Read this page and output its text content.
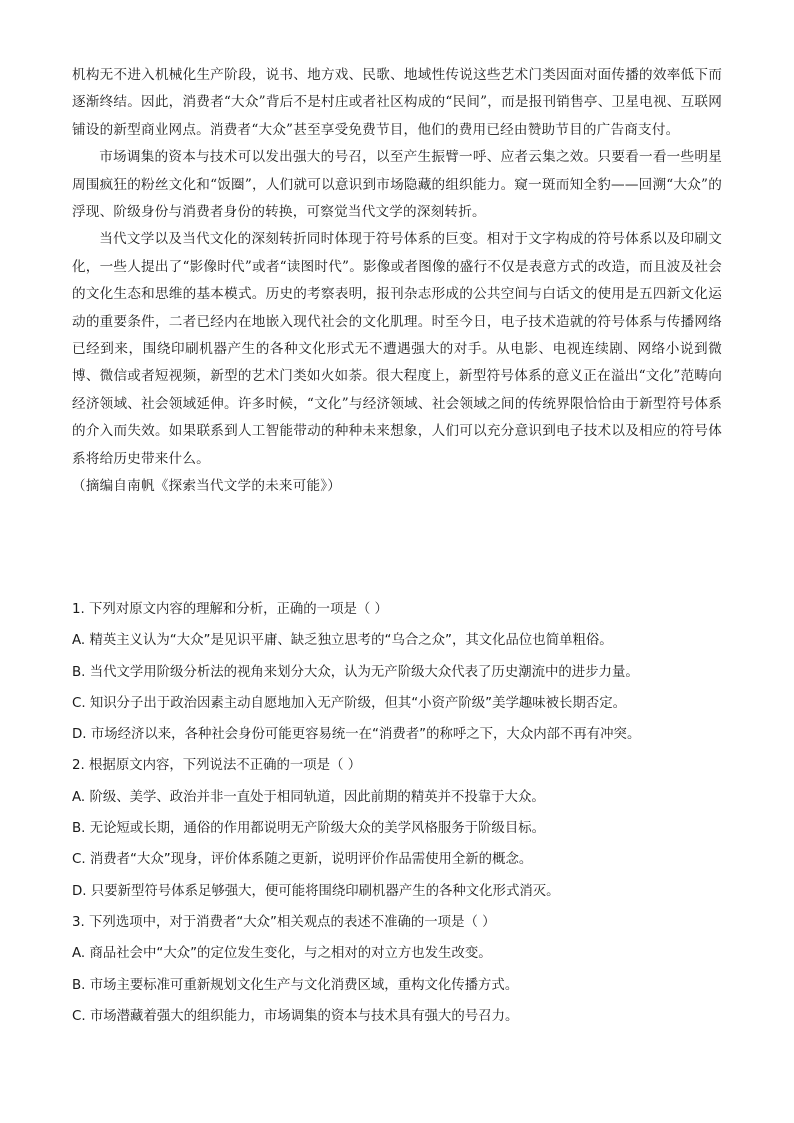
机构无不进入机械化生产阶段，说书、地方戏、民歌、地域性传说这些艺术门类因面对面传播的效率低下而逐渐终结。因此，消费者“大众”背后不是村庄或者社区构成的“民间”，而是报刊销售亭、卫星电视、互联网铺设的新型商业网点。消费者“大众”甚至享受免费节目，他们的费用已经由赞助节目的广告商支付。

市场调集的资本与技术可以发出强大的号召，以至产生振臂一呼、应者云集之效。只要看一看一些明星周围疯狂的粉丝文化和“饭圈”，人们就可以意识到市场隐藏的组织能力。窥一斑而知全豹——回溯“大众”的浮现、阶级身份与消费者身份的转换，可察觉当代文学的深刻转折。

当代文学以及当代文化的深刻转折同时体现于符号体系的巨变。相对于文字构成的符号体系以及印刷文化，一些人提出了“影像时代”或者“读图时代”。影像或者图像的盛行不仅是表意方式的改造，而且波及社会的文化生态和思维的基本模式。历史的考察表明，报刊杂志形成的公共空间与白话文的使用是五四新文化运动的重要条件，二者已经内在地嵌入现代社会的文化肌理。时至今日，电子技术造就的符号体系与传播网络已经到来，围绕印刷机器产生的各种文化形式无不遭遇强大的对手。从电影、电视连续剧、网络小说到微博、微信或者短视频，新型的艺术门类如火如荼。很大程度上，新型符号体系的意义正在溢出“文化”范畴向经济领域、社会领域延伸。许多时候，“文化”与经济领域、社会领域之间的传统界限恰恰由于新型符号体系的介入而失效。如果联系到人工智能带动的种种未来想象，人们可以充分意识到电子技术以及相应的符号体系将给历史带来什么。

（摘编自南帆《探索当代文学的未来可能》）

1. 下列对原文内容的理解和分析，正确的一项是（ ）
A. 精英主义认为“大众”是见识平庸、缺乏独立思考的“乌合之众”，其文化品位也简单粗俗。
B. 当代文学用阶级分析法的视角来划分大众，认为无产阶级大众代表了历史潮流中的进步力量。
C. 知识分子出于政治因素主动自愿地加入无产阶级，但其“小资产阶级”美学趣味被长期否定。
D. 市场经济以来，各种社会身份可能更容易统一在“消费者”的称呼之下，大众内部不再有冲突。
2. 根据原文内容，下列说法不正确的一项是（ ）
A. 阶级、美学、政治并非一直处于相同轨道，因此前期的精英并不投靠于大众。
B. 无论短或长期，通俗的作用都说明无产阶级大众的美学风格服务于阶级目标。
C. 消费者“大众”现身，评价体系随之更新，说明评价作品需使用全新的概念。
D. 只要新型符号体系足够强大，便可能将围绕印刷机器产生的各种文化形式消灭。
3. 下列选项中，对于消费者“大众”相关观点的表述不准确的一项是（ ）
A. 商品社会中“大众”的定位发生变化，与之相对的对立方也发生改变。
B. 市场主要标准可重新规划文化生产与文化消费区域，重构文化传播方式。
C. 市场潜藏着强大的组织能力，市场调集的资本与技术具有强大的号召力。
